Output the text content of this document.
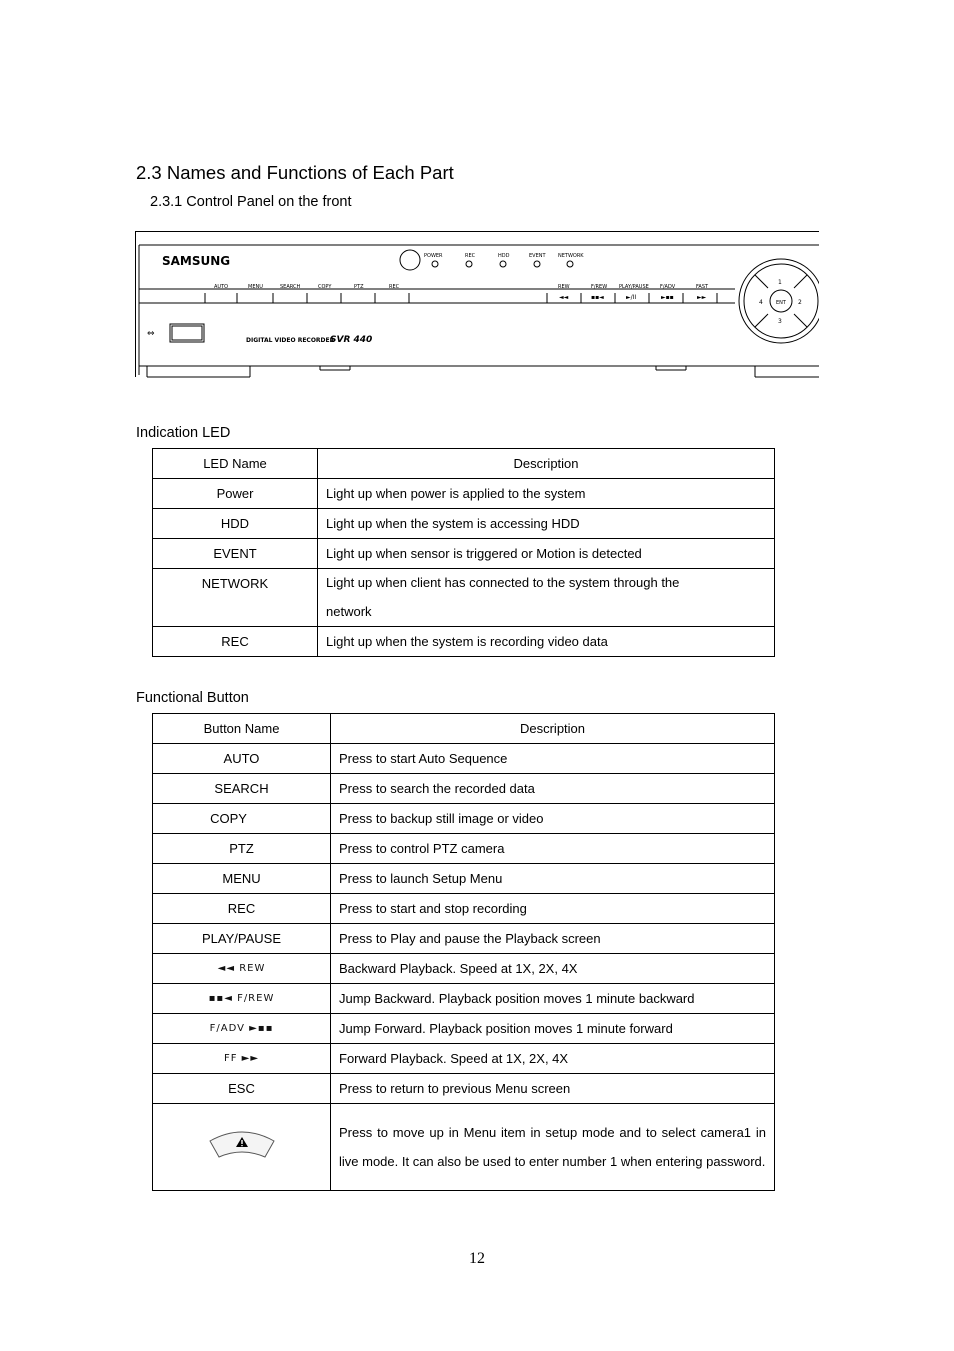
2.3 Names and Functions of Each Part
2.3.1 Control Panel on the front
SAMSUNG	POWER	REC	HDD	EVENT NETWORK
AUTO	MENU	SEARCH	COPY	PTZ	REC	REW	F/REW PLAY/PAUSE F/ADV	FAST
◄◄	▪▪◄	►/II	►▪▪	►►
⇔
DIGITAL VIDEO RECORDER
SVR 440
ENT
1
2
3
4
Indication LED
LED Name	Description
Power	Light up when power is applied to the system
HDD	Light up when the system is accessing HDD
EVENT	Light up when sensor is triggered or Motion is detected
NETWORK	Light up when client has connected to the system through the
network

REC	Light up when the system is recording video data
Functional Button
Button Name	Description
AUTO	Press to start Auto Sequence
SEARCH	Press to search the recorded data
COPY	Press to backup still image or video
PTZ	Press to control PTZ camera
MENU	Press to launch Setup Menu
REC	Press to start and stop recording
PLAY/PAUSE	Press to Play and pause the Playback screen
◄◄ REW	Backward Playback. Speed at 1X, 2X, 4X
▪▪◄ F/REW	Jump Backward. Playback position moves 1 minute backward
F/ADV ►▪▪	Jump Forward. Playback position moves 1 minute forward
FF ►►	Forward Playback. Speed at 1X, 2X, 4X
ESC	Press to return to previous Menu screen
	Press to move up in Menu item in setup mode and to select camera1 in live mode. It can also be used to enter number 1 when entering password.
12
